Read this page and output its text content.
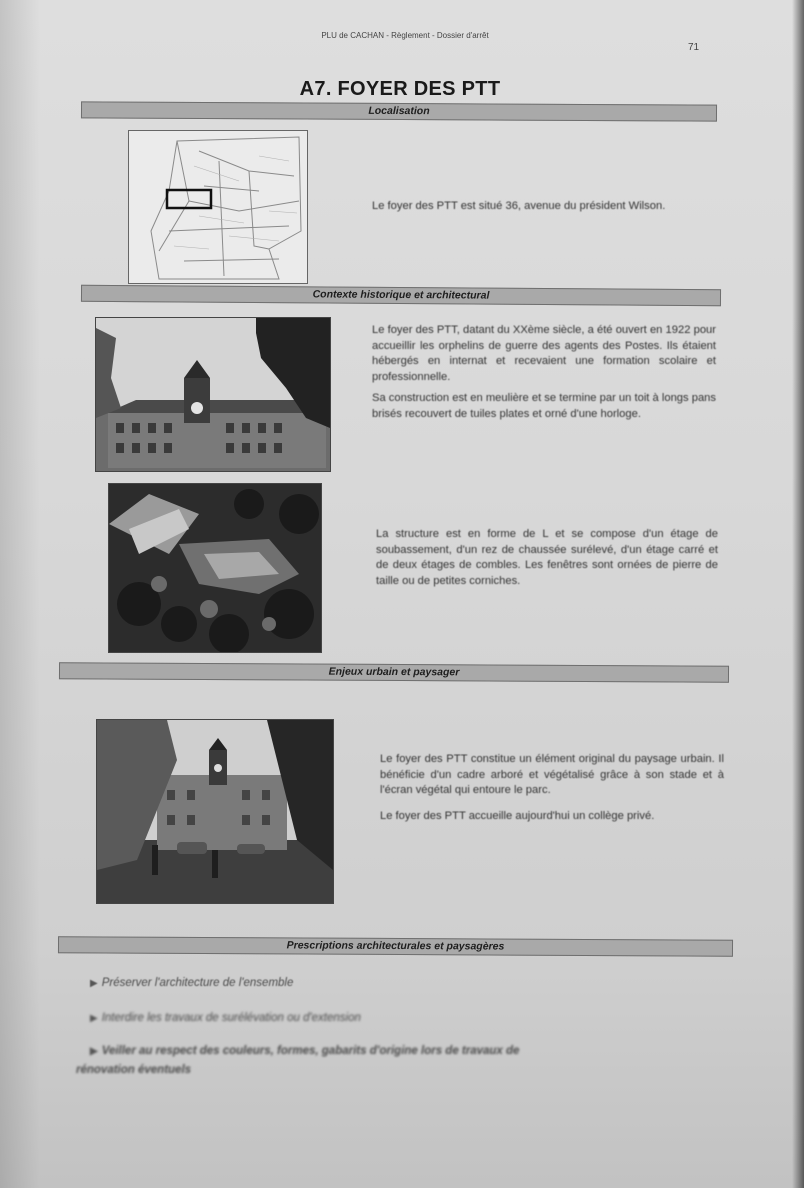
PLU de CACHAN - Règlement - Dossier d'arrêt
71
A7. FOYER DES PTT
Localisation

Le foyer des PTT est situé 36, avenue du président Wilson.

Contexte historique et architectural

Le foyer des PTT, datant du XXème siècle, a été ouvert en 1922 pour accueillir les orphelins de guerre des agents des Postes. Ils étaient hébergés en internat et recevaient une formation scolaire et professionnelle.

Sa construction est en meulière et se termine par un toit à longs pans brisés recouvert de tuiles plates et orné d'une horloge.

La structure est en forme de L et se compose d'un étage de soubassement, d'un rez de chaussée surélevé, d'un étage carré et de deux étages de combles. Les fenêtres sont ornées de pierre de taille ou de petites corniches.

Enjeux urbain et paysager

Le foyer des PTT constitue un élément original du paysage urbain. Il bénéficie d'un cadre arboré et végétalisé grâce à son stade et à l'écran végétal qui entoure le parc.

Le foyer des PTT accueille aujourd'hui un collège privé.

Prescriptions architecturales et paysagères
▶ Préserver l'architecture de l'ensemble
▶ Interdire les travaux de surélévation ou d'extension
▶ Veiller au respect des couleurs, formes, gabarits d'origine lors de travaux de
rénovation éventuels
